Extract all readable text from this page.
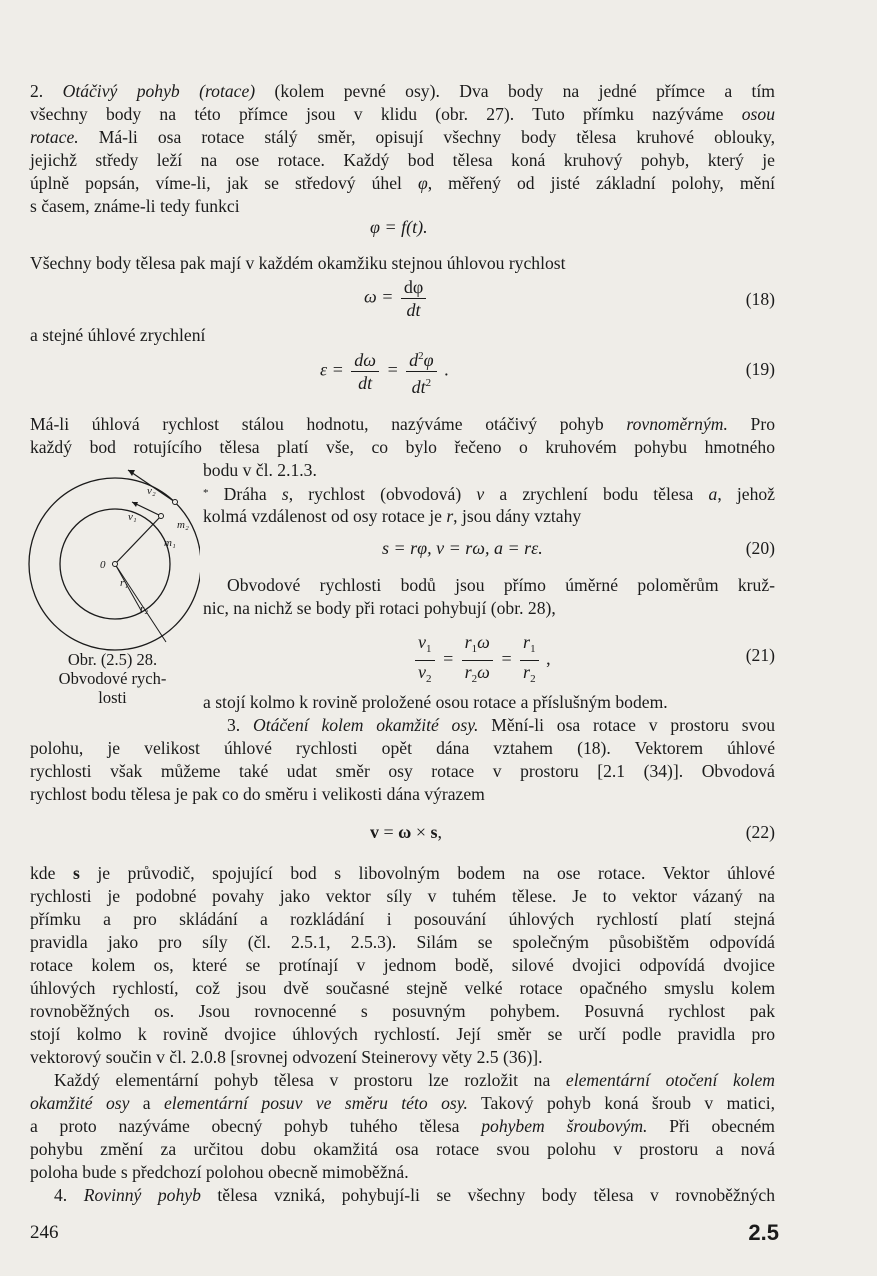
2. Otáčivý pohyb (rotace) (kolem pevné osy). Dva body na jedné přímce a tím
všechny body na této přímce jsou v klidu (obr. 27). Tuto přímku nazýváme osou
rotace. Má-li osa rotace stálý směr, opisují všechny body tělesa kruhové oblouky,
jejichž středy leží na ose rotace. Každý bod tělesa koná kruhový pohyb, který je
úplně popsán, víme-li, jak se středový úhel φ, měřený od jisté základní polohy, mění
s časem, známe-li tedy funkci
φ = f(t).
Všechny body tělesa pak mají v každém okamžiku stejnou úhlovou rychlost
$\omega = \frac{d\varphi}{dt}$	(18)
a stejné úhlové zrychlení
$\varepsilon = \frac{d\omega}{dt} = \frac{d^2\varphi}{dt^2}$ .	(19)
Má-li úhlová rychlost stálou hodnotu, nazýváme otáčivý pohyb rovnoměrným. Pro
každý bod rotujícího tělesa platí vše, co bylo řečeno o kruhovém pohybu hmotného
bodu v čl. 2.1.3.
* Dráha s, rychlost (obvodová) v a zrychlení bodu tělesa a, jehož
kolmá vzdálenost od osy rotace je r, jsou dány vztahy
s = rφ, v = rω, a = rε.	(20)
Obvodové rychlosti bodů jsou přímo úměrné poloměrům kruž-
nic, na nichž se body při rotaci pohybují (obr. 28),
$\frac{v_1}{v_2} = \frac{r_1\omega}{r_2\omega} = \frac{r_1}{r_2}$ ,	(21)
a stojí kolmo k rovině proložené osou rotace a příslušným bodem.
3. Otáčení kolem okamžité osy. Mění-li osa rotace v prostoru svou
polohu, je velikost úhlové rychlosti opět dána vztahem (18). Vektorem úhlové
rychlosti však můžeme také udat směr osy rotace v prostoru [2.1 (34)]. Obvodová
rychlost bodu tělesa je pak co do směru i velikosti dána výrazem
v = ω × s,	(22)
kde s je průvodič, spojující bod s libovolným bodem na ose rotace. Vektor úhlové
rychlosti je podobné povahy jako vektor síly v tuhém tělese. Je to vektor vázaný na
přímku a pro skládání a rozkládání i posouvání úhlových rychlostí platí stejná
pravidla jako pro síly (čl. 2.5.1, 2.5.3). Silám se společným působištěm odpovídá
rotace kolem os, které se protínají v jednom bodě, silové dvojici odpovídá dvojice
úhlových rychlostí, což jsou dvě současné stejně velké rotace opačného smyslu kolem
rovnoběžných os. Jsou rovnocenné s posuvným pohybem. Posuvná rychlost pak
stojí kolmo k rovině dvojice úhlových rychlostí. Její směr se určí podle pravidla pro
vektorový součin v čl. 2.0.8 [srovnej odvození Steinerovy věty 2.5 (36)].
Každý elementární pohyb tělesa v prostoru lze rozložit na elementární otočení kolem
okamžité osy a elementární posuv ve směru této osy. Takový pohyb koná šroub v matici,
a proto nazýváme obecný pohyb tuhého tělesa pohybem šroubovým. Při obecném
pohybu změní za určitou dobu okamžitá osa rotace svou polohu v prostoru a nová
poloha bude s předchozí polohou obecně mimoběžná.
4. Rovinný pohyb tělesa vzniká, pohybují-li se všechny body tělesa v rovnoběžných
0
v₁
v₂
m₁
m₂
r₁
r₂
Obr. (2.5) 28.
Obvodové rych-
losti
246	2.5
